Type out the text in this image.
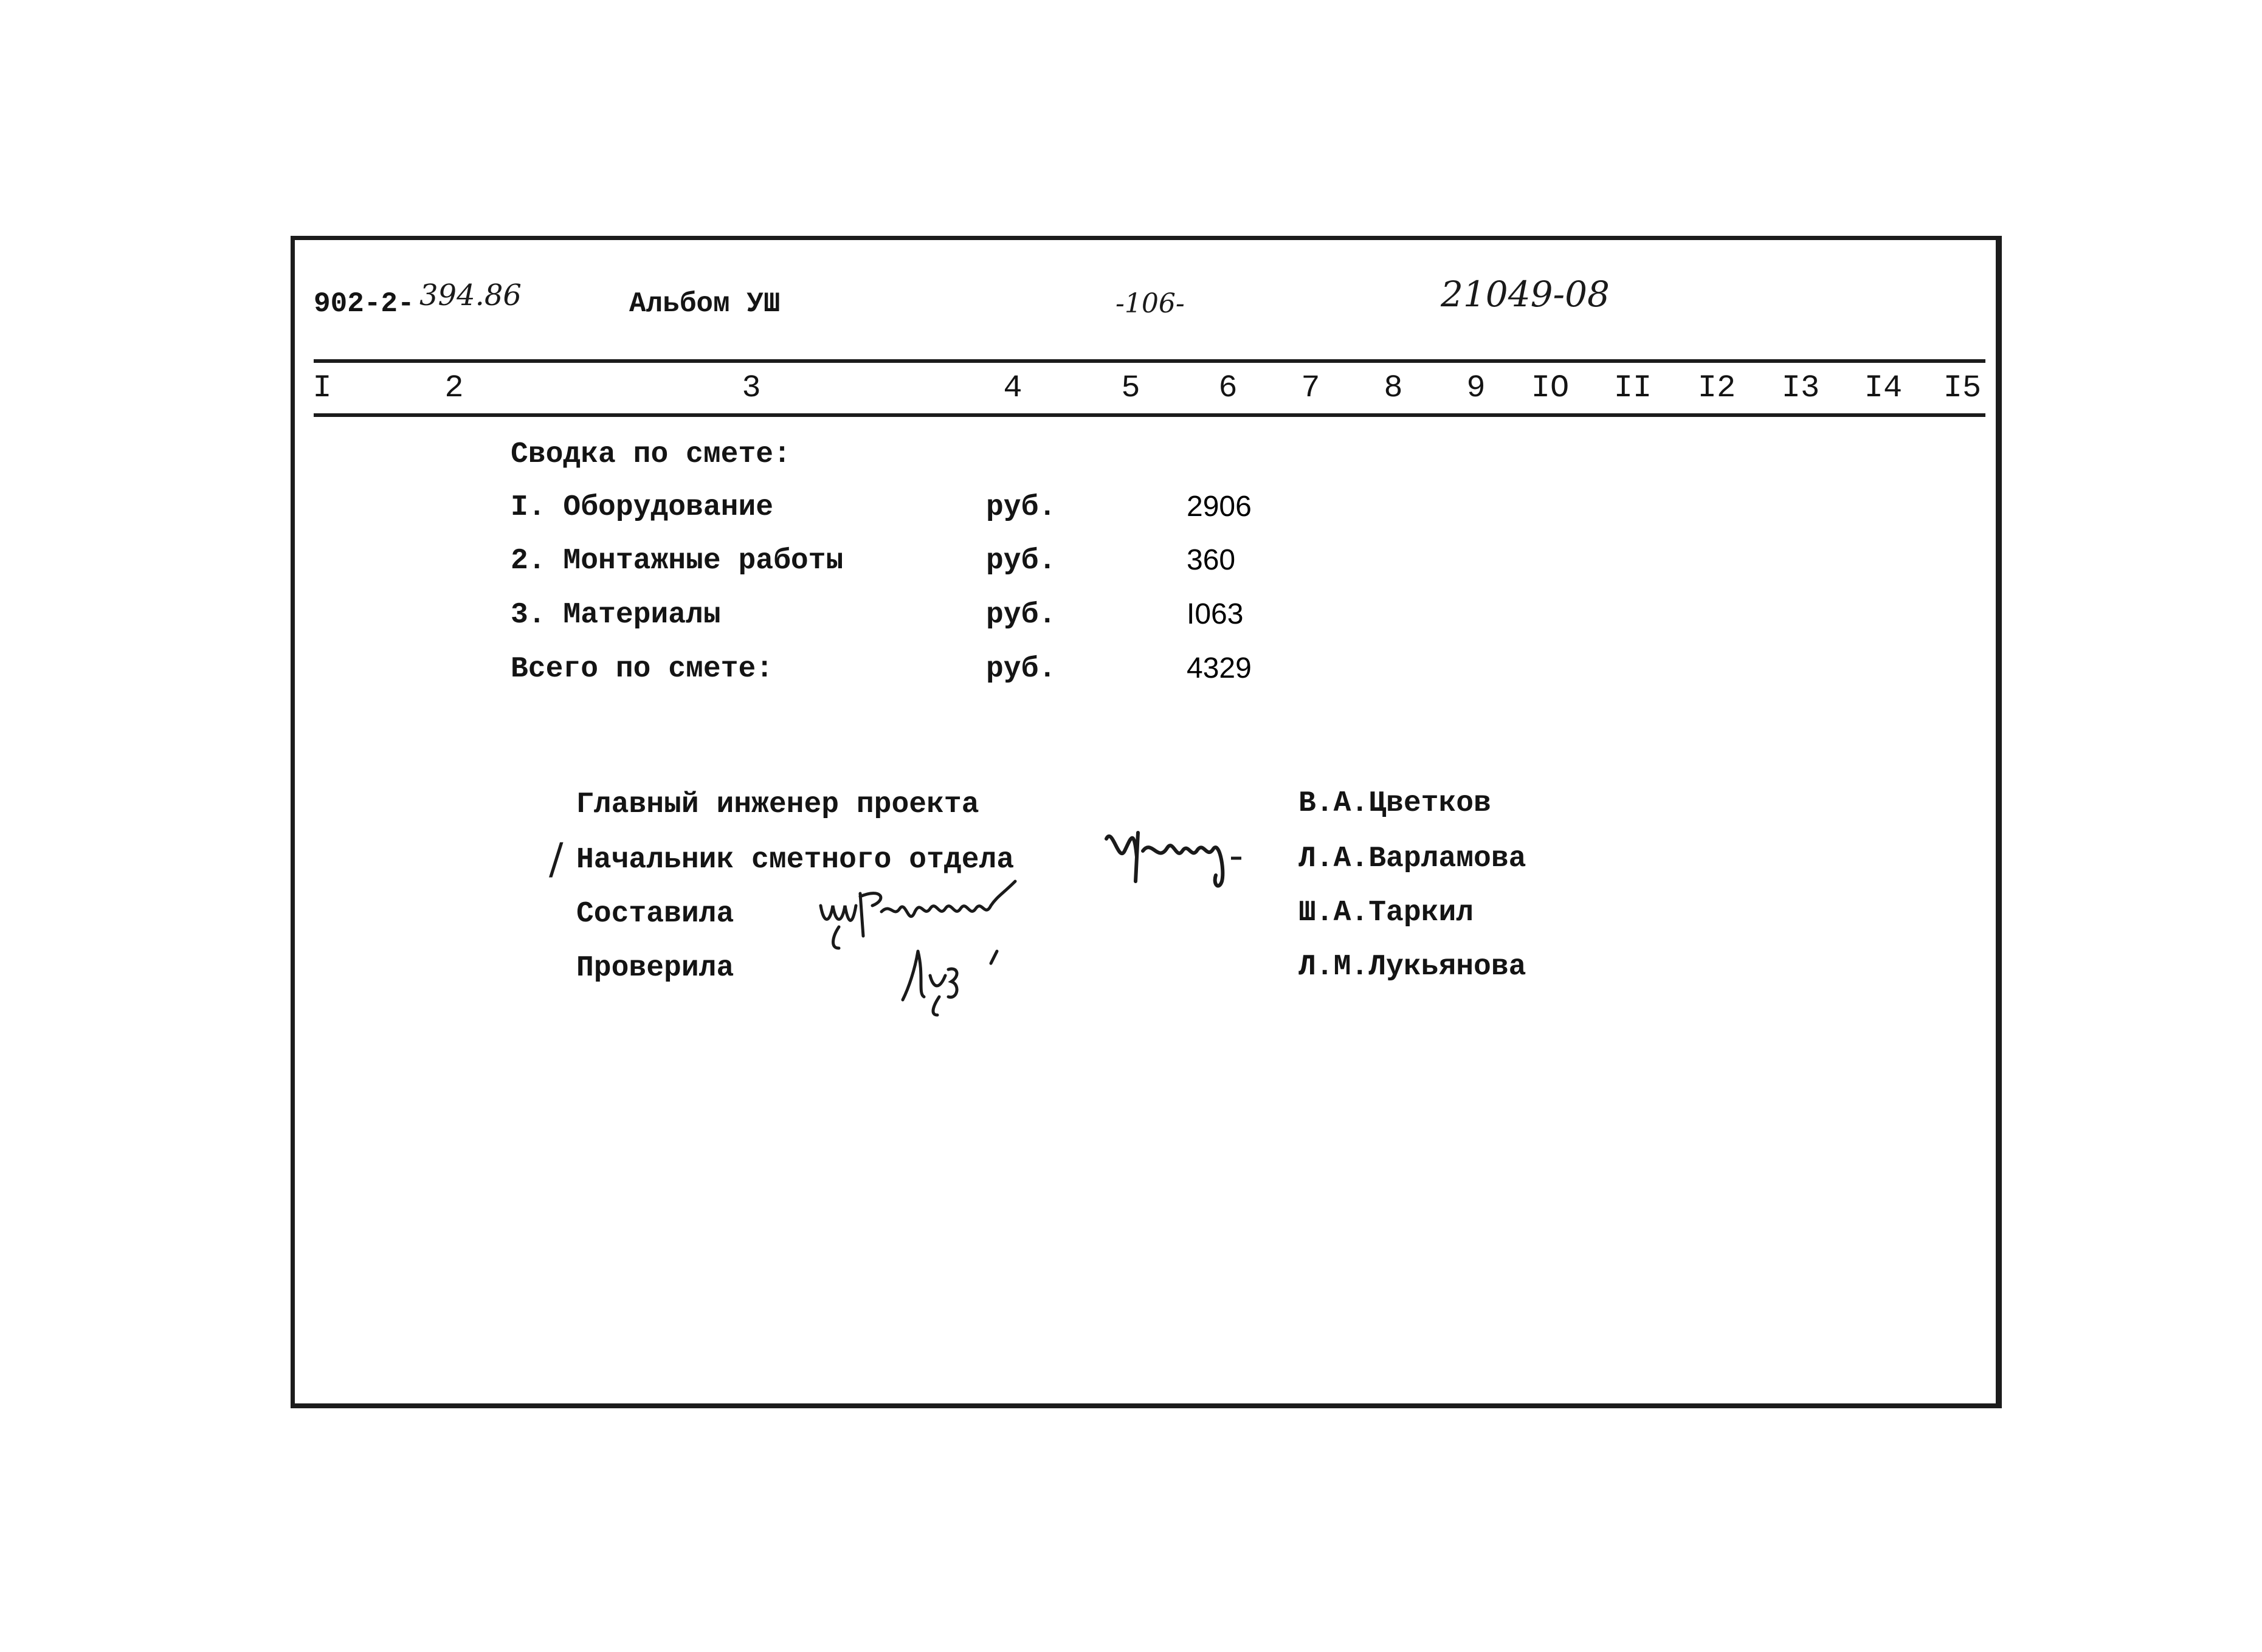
902-2- 394.86	Альбом УШ	-106-	21049-08
I	2	3	4	5 6 7 8 9 IO II I2 I3 I4 I5
Сводка по смете:
I. Оборудование	руб.	2906
2. Монтажные работы	руб.	360
3. Материалы	руб.	I063
Всего по смете:	руб.	4329
Главный инженер проекта	В.А.Цветков
/ Начальник сметного отдела	Л.А.Варламова
Составила	Ш.А.Таркил
Проверила	Л.М.Лукьянова
